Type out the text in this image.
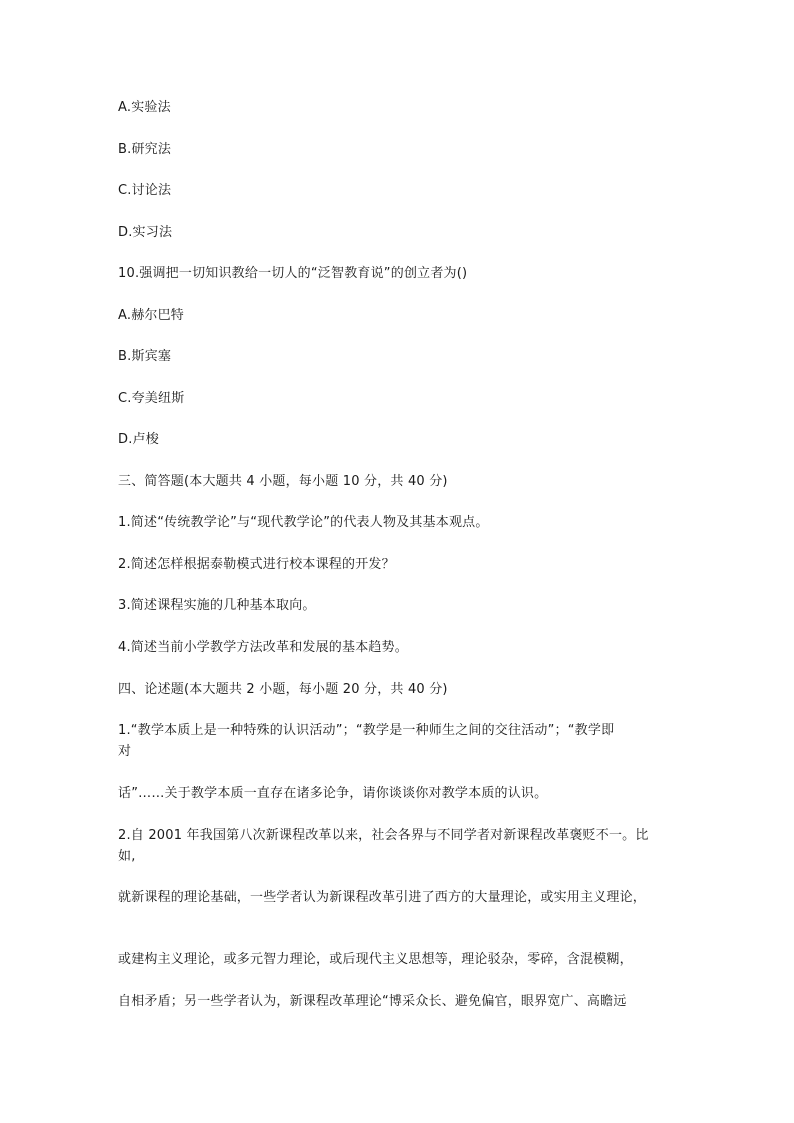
A.实验法
B.研究法
C.讨论法
D.实习法
10.强调把一切知识教给一切人的“泛智教育说”的创立者为()
A.赫尔巴特
B.斯宾塞
C.夸美纽斯
D.卢梭
三、简答题(本大题共 4 小题，每小题 10 分，共 40 分)
1.简述“传统教学论”与“现代教学论”的代表人物及其基本观点。
2.简述怎样根据泰勒模式进行校本课程的开发？
3.简述课程实施的几种基本取向。
4.简述当前小学教学方法改革和发展的基本趋势。
四、论述题(本大题共 2 小题，每小题 20 分，共 40 分)
1.“教学本质上是一种特殊的认识活动”；“教学是一种师生之间的交往活动”；“教学即
对
话”……关于教学本质一直存在诸多论争，请你谈谈你对教学本质的认识。
2.自 2001 年我国第八次新课程改革以来，社会各界与不同学者对新课程改革褒贬不一。比
如,
就新课程的理论基础，一些学者认为新课程改革引进了西方的大量理论，或实用主义理论，
或建构主义理论，或多元智力理论，或后现代主义思想等，理论驳杂，零碎，含混模糊，
自相矛盾；另一些学者认为，新课程改革理论“博采众长、避免偏官，眼界宽广、高瞻远
